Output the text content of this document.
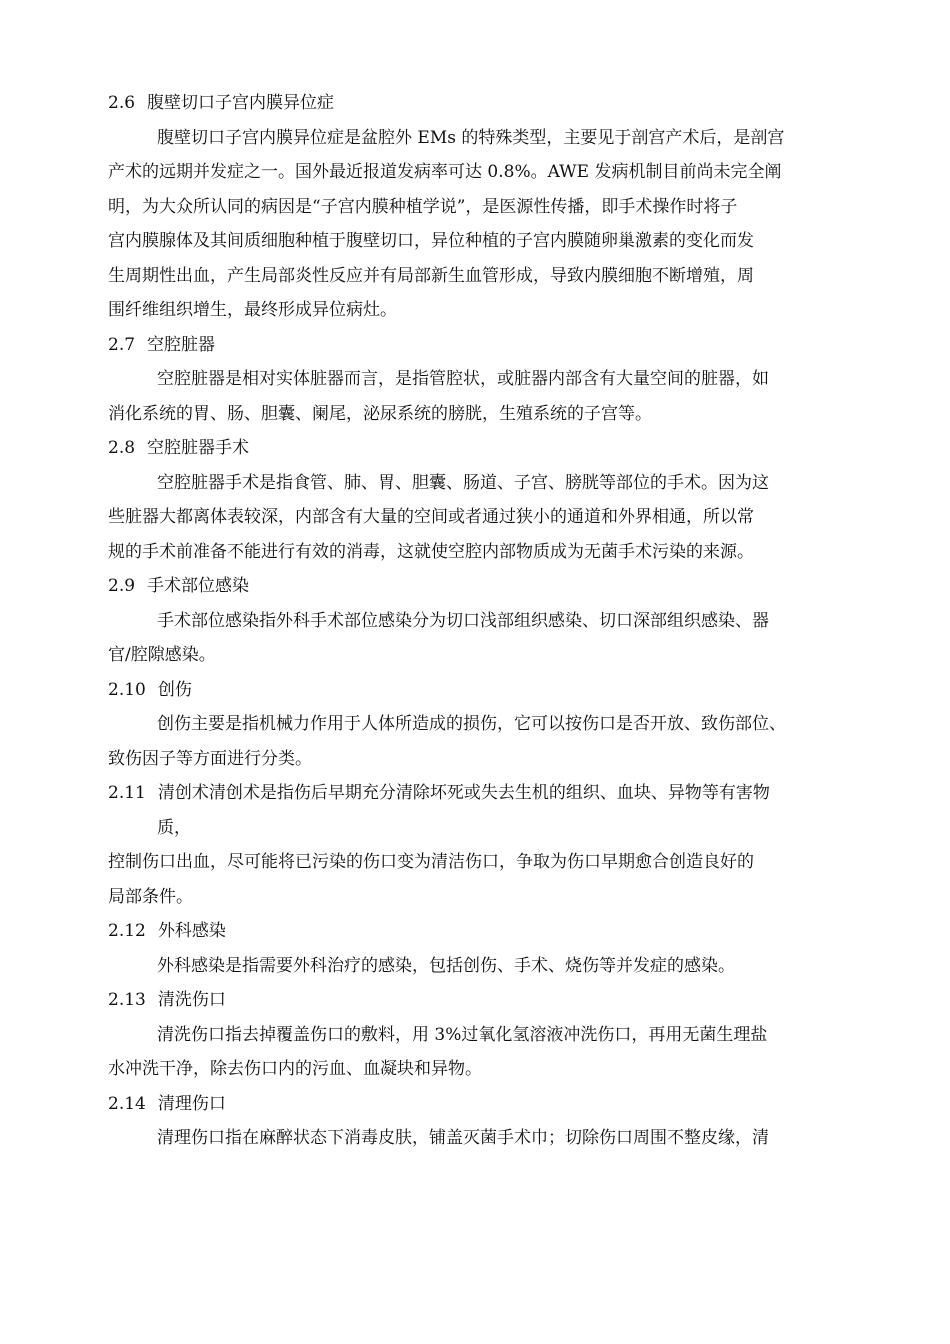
2.6 腹壁切口子宫内膜异位症

腹壁切口子宫内膜异位症是盆腔外 EMs 的特殊类型，主要见于剖宫产术后，是剖宫

产术的远期并发症之一。国外最近报道发病率可达 0.8%。AWE 发病机制目前尚未完全阐

明，为大众所认同的病因是“子宫内膜种植学说”，是医源性传播，即手术操作时将子

宫内膜腺体及其间质细胞种植于腹壁切口，异位种植的子宫内膜随卵巢激素的变化而发

生周期性出血，产生局部炎性反应并有局部新生血管形成，导致内膜细胞不断增殖，周

围纤维组织增生，最终形成异位病灶。

2.7 空腔脏器

空腔脏器是相对实体脏器而言，是指管腔状，或脏器内部含有大量空间的脏器，如

消化系统的胃、肠、胆囊、阑尾，泌尿系统的膀胱，生殖系统的子宫等。

2.8 空腔脏器手术

空腔脏器手术是指食管、肺、胃、胆囊、肠道、子宫、膀胱等部位的手术。因为这

些脏器大都离体表较深，内部含有大量的空间或者通过狭小的通道和外界相通，所以常

规的手术前准备不能进行有效的消毒，这就使空腔内部物质成为无菌手术污染的来源。

2.9 手术部位感染

手术部位感染指外科手术部位感染分为切口浅部组织感染、切口深部组织感染、器

官/腔隙感染。

2.10 创伤

创伤主要是指机械力作用于人体所造成的损伤，它可以按伤口是否开放、致伤部位、

致伤因子等方面进行分类。

2.11 清创术清创术是指伤后早期充分清除坏死或失去生机的组织、血块、异物等有害物

质，

控制伤口出血，尽可能将已污染的伤口变为清洁伤口，争取为伤口早期愈合创造良好的

局部条件。

2.12 外科感染

外科感染是指需要外科治疗的感染，包括创伤、手术、烧伤等并发症的感染。

2.13 清洗伤口

清洗伤口指去掉覆盖伤口的敷料，用 3%过氧化氢溶液冲洗伤口，再用无菌生理盐

水冲洗干净，除去伤口内的污血、血凝块和异物。

2.14 清理伤口

清理伤口指在麻醉状态下消毒皮肤，铺盖灭菌手术巾；切除伤口周围不整皮缘，清
